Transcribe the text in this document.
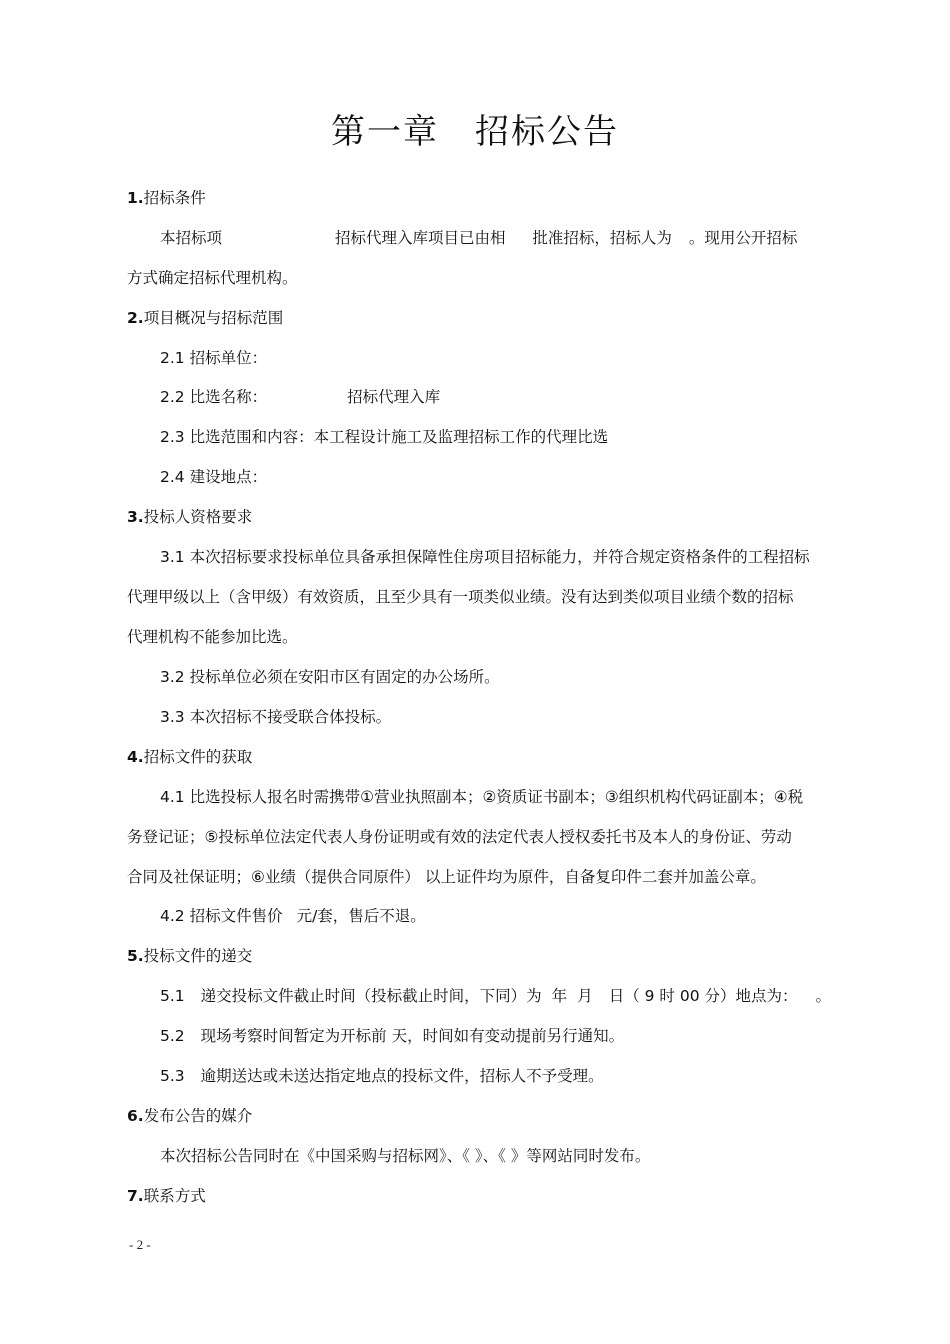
第一章 招标公告
1.招标条件
本招标项	招标代理入库项目已由相 批准招标，招标人为 。现用公开招标
方式确定招标代理机构。
2.项目概况与招标范围
2.1 招标单位：
2.2 比选名称：	招标代理入库
2.3 比选范围和内容：本工程设计施工及监理招标工作的代理比选
2.4 建设地点：
3.投标人资格要求
3.1 本次招标要求投标单位具备承担保障性住房项目招标能力，并符合规定资格条件的工程招标
代理甲级以上（含甲级）有效资质，且至少具有一项类似业绩。没有达到类似项目业绩个数的招标
代理机构不能参加比选。
3.2 投标单位必须在安阳市区有固定的办公场所。
3.3 本次招标不接受联合体投标。
4.招标文件的获取
4.1 比选投标人报名时需携带①营业执照副本；②资质证书副本；③组织机构代码证副本；④税
务登记证；⑤投标单位法定代表人身份证明或有效的法定代表人授权委托书及本人的身份证、劳动
合同及社保证明；⑥业绩（提供合同原件） 以上证件均为原件，自备复印件二套并加盖公章。
4.2 招标文件售价 元/套，售后不退。
5.投标文件的递交
5.1 递交投标文件截止时间（投标截止时间，下同）为 年 月 日（ 9 时 00 分）地点为： 。
5.2 现场考察时间暂定为开标前 天，时间如有变动提前另行通知。
5.3 逾期送达或未送达指定地点的投标文件，招标人不予受理。
6.发布公告的媒介
本次招标公告同时在《中国采购与招标网》、《 》、《 》等网站同时发布。
7.联系方式
- 2 -
